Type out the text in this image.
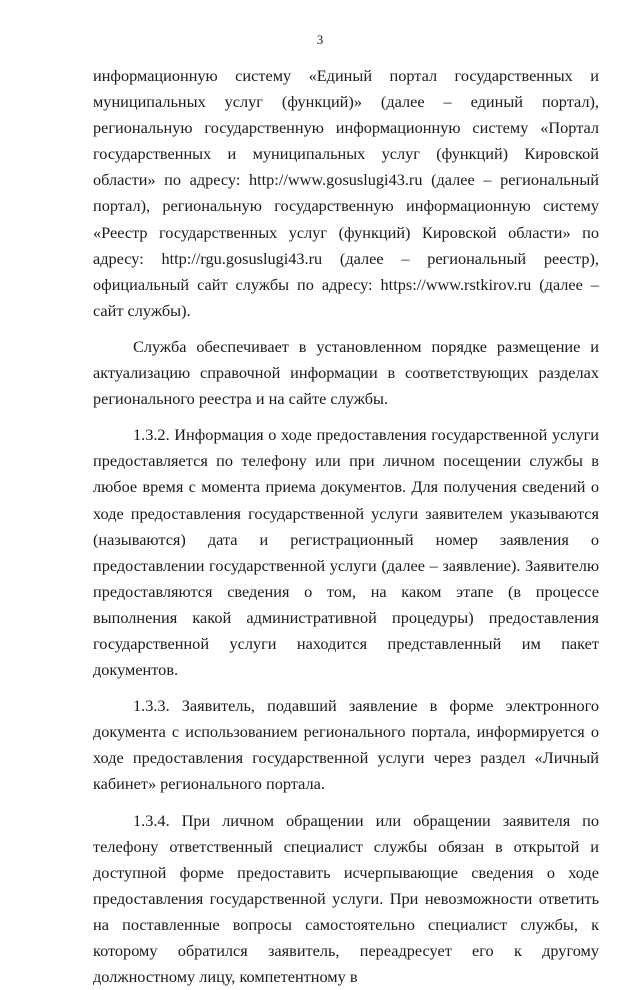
3

информационную систему «Единый портал государственных и муниципальных услуг (функций)» (далее – единый портал), региональную государственную информационную систему «Портал государственных и муниципальных услуг (функций) Кировской области» по адресу: http://www.gosuslugi43.ru (далее – региональный портал), региональную государственную информационную систему «Реестр государственных услуг (функций) Кировской области» по адресу: http://rgu.gosuslugi43.ru (далее – региональный реестр), официальный сайт службы по адресу: https://www.rstkirov.ru (далее – сайт службы).

Служба обеспечивает в установленном порядке размещение и актуализацию справочной информации в соответствующих разделах регионального реестра и на сайте службы.

1.3.2. Информация о ходе предоставления государственной услуги предоставляется по телефону или при личном посещении службы в любое время с момента приема документов. Для получения сведений о ходе предоставления государственной услуги заявителем указываются (называются) дата и регистрационный номер заявления о предоставлении государственной услуги (далее – заявление). Заявителю предоставляются сведения о том, на каком этапе (в процессе выполнения какой административной процедуры) предоставления государственной услуги находится представленный им пакет документов.

1.3.3. Заявитель, подавший заявление в форме электронного документа с использованием регионального портала, информируется о ходе предоставления государственной услуги через раздел «Личный кабинет» регионального портала.

1.3.4. При личном обращении или обращении заявителя по телефону ответственный специалист службы обязан в открытой и доступной форме предоставить исчерпывающие сведения о ходе предоставления государственной услуги. При невозможности ответить на поставленные вопросы самостоятельно специалист службы, к которому обратился заявитель, переадресует его к другому должностному лицу, компетентному в
